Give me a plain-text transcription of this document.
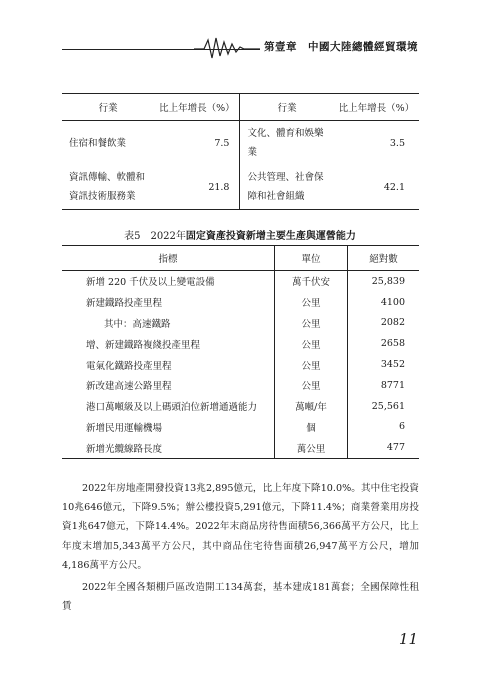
第壹章　中國大陸總體經貿環境
行業	比上年增長（%）	行業	比上年增長（%）
住宿和餐飲業	7.5	文化、體育和娛樂業	3.5
資訊傳輸、軟體和資訊技術服務業	21.8	公共管理、社會保障和社會組織	42.1
表5　2022年固定資產投資新增主要生產與運營能力
指標	單位	絕對數
新增 220 千伏及以上變電設備	萬千伏安	25,839
新建鐵路投產里程	公里	4100
其中：高速鐵路	公里	2082
增、新建鐵路複綫投產里程	公里	2658
電氣化鐵路投產里程	公里	3452
新改建高速公路里程	公里	8771
港口萬噸級及以上碼頭泊位新增通過能力	萬噸/年	25,561
新增民用運輸機場	個	6
新增光纜線路長度	萬公里	477

2022年房地產開發投資13兆2,895億元，比上年度下降10.0%。其中住宅投資10兆646億元，下降9.5%；辦公樓投資5,291億元，下降11.4%；商業營業用房投資1兆647億元，下降14.4%。2022年末商品房待售面積56,366萬平方公尺，比上年度末增加5,343萬平方公尺，其中商品住宅待售面積26,947萬平方公尺，增加4,186萬平方公尺。

2022年全國各類棚戶區改造開工134萬套，基本建成181萬套；全國保障性租賃

11
